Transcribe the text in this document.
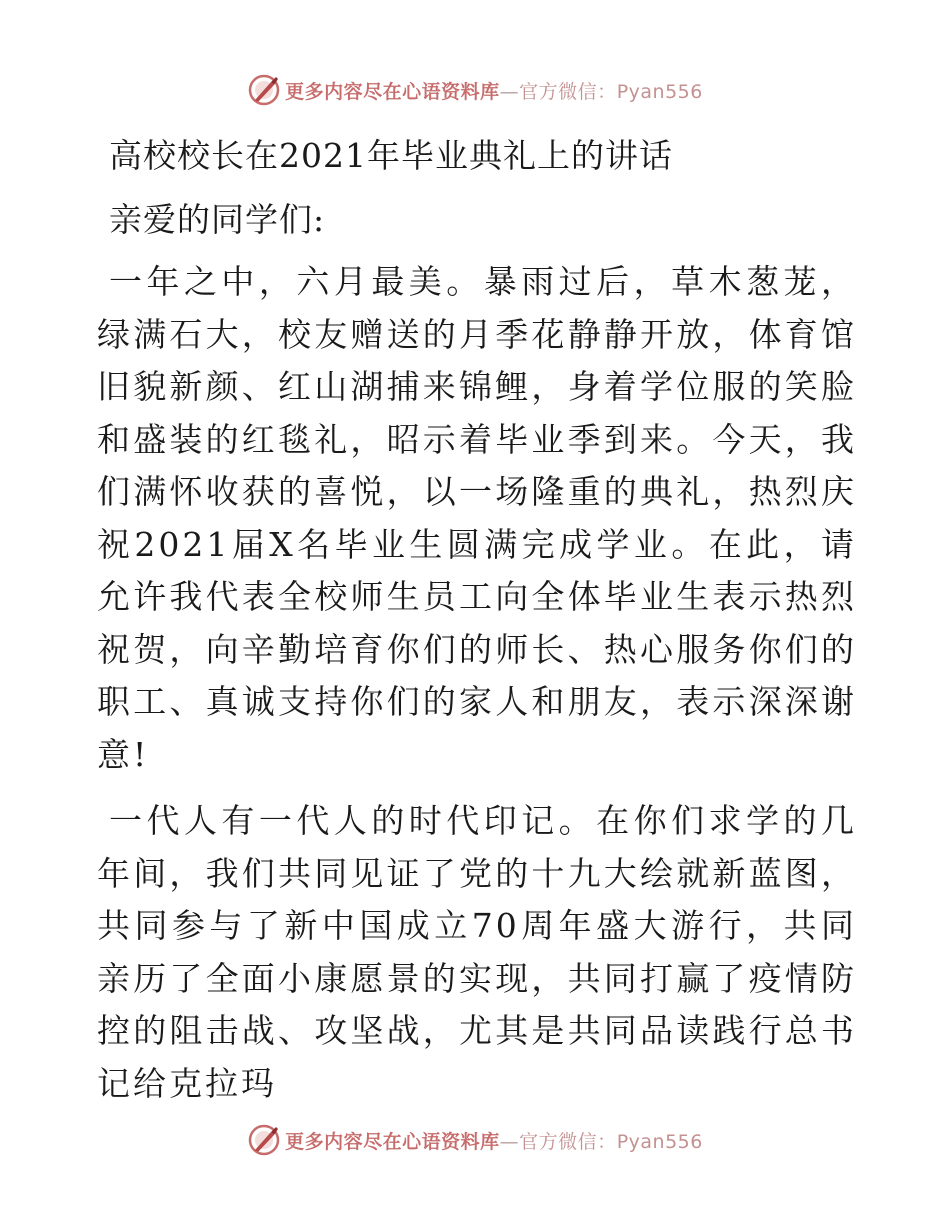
更多内容尽在心语资料库—官方微信：Pyan556
高校校长在2021年毕业典礼上的讲话
亲爱的同学们:

一年之中，六月最美。暴雨过后，草木葱茏，绿满石大，校友赠送的月季花静静开放，体育馆旧貌新颜、红山湖捕来锦鲤，身着学位服的笑脸和盛装的红毯礼，昭示着毕业季到来。今天，我们满怀收获的喜悦，以一场隆重的典礼，热烈庆祝2021届X名毕业生圆满完成学业。在此，请允许我代表全校师生员工向全体毕业生表示热烈祝贺，向辛勤培育你们的师长、热心服务你们的职工、真诚支持你们的家人和朋友，表示深深谢意!

一代人有一代人的时代印记。在你们求学的几年间，我们共同见证了党的十九大绘就新蓝图，共同参与了新中国成立70周年盛大游行，共同亲历了全面小康愿景的实现，共同打赢了疫情防控的阻击战、攻坚战，尤其是共同品读践行总书记给克拉玛

更多内容尽在心语资料库—官方微信：Pyan556
